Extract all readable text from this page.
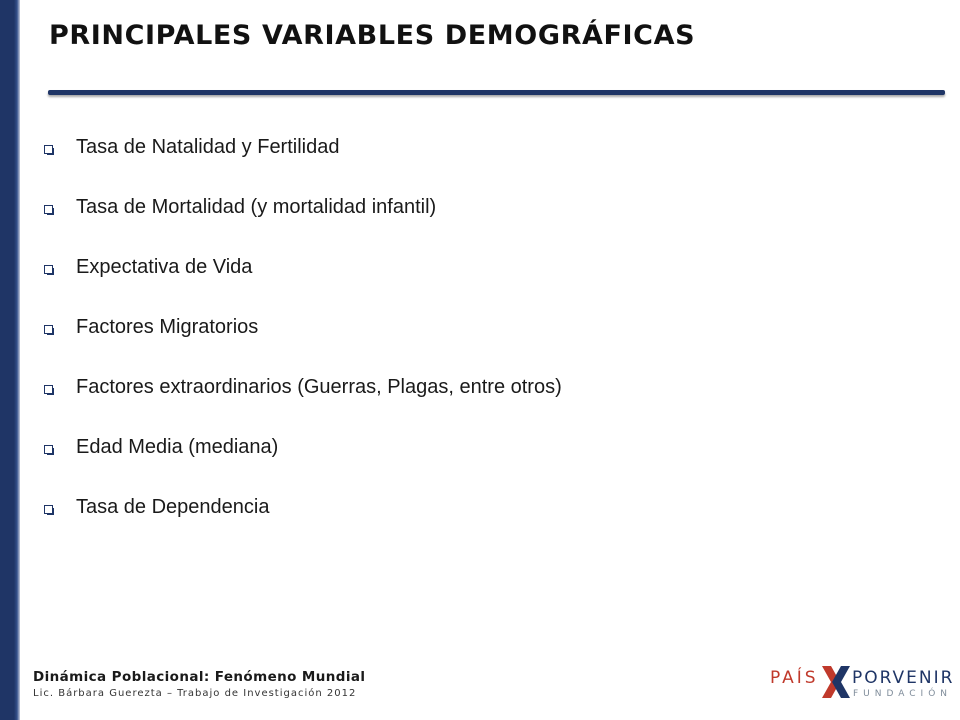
PRINCIPALES VARIABLES DEMOGRÁFICAS
Tasa de Natalidad y Fertilidad
Tasa de Mortalidad (y mortalidad infantil)
Expectativa de Vida
Factores Migratorios
Factores extraordinarios (Guerras, Plagas, entre otros)
Edad Media (mediana)
Tasa de Dependencia
Dinámica Poblacional: Fenómeno Mundial
Lic. Bárbara Guerezta – Trabajo de Investigación 2012
PAÍS PORVENIR
FUNDACIÓN
